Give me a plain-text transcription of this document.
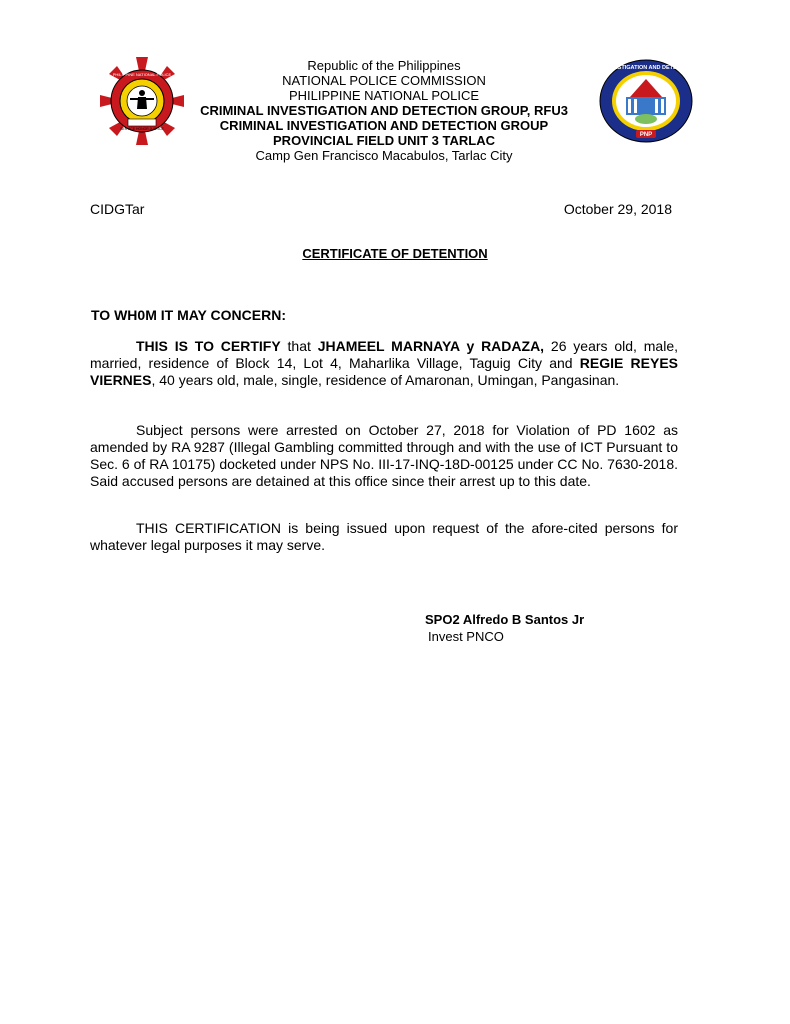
PHILIPPINE NATIONAL POLICE
SERVICE HONOR JUSTICE
CRIMINAL INVESTIGATION AND DETECTION GROUP
PNP
Republic of the Philippines
NATIONAL POLICE COMMISSION
PHILIPPINE NATIONAL POLICE
CRIMINAL INVESTIGATION AND DETECTION GROUP, RFU3
CRIMINAL INVESTIGATION AND DETECTION GROUP
PROVINCIAL FIELD UNIT 3 TARLAC
Camp Gen Francisco Macabulos, Tarlac City
CIDGTar	October 29, 2018
CERTIFICATE OF DETENTION
TO WH0M IT MAY CONCERN:

THIS IS TO CERTIFY that JHAMEEL MARNAYA y RADAZA, 26 years old, male, married, residence of Block 14, Lot 4, Maharlika Village, Taguig City and REGIE REYES VIERNES, 40 years old, male, single, residence of Amaronan, Umingan, Pangasinan.

Subject persons were arrested on October 27, 2018 for Violation of PD 1602 as amended by RA 9287 (Illegal Gambling committed through and with the use of ICT Pursuant to Sec. 6 of RA 10175) docketed under NPS No. III-17-INQ-18D-00125 under CC No. 7630-2018. Said accused persons are detained at this office since their arrest up to this date.

THIS CERTIFICATION is being issued upon request of the afore-cited persons for whatever legal purposes it may serve.

SPO2 Alfredo B Santos Jr
Invest PNCO
